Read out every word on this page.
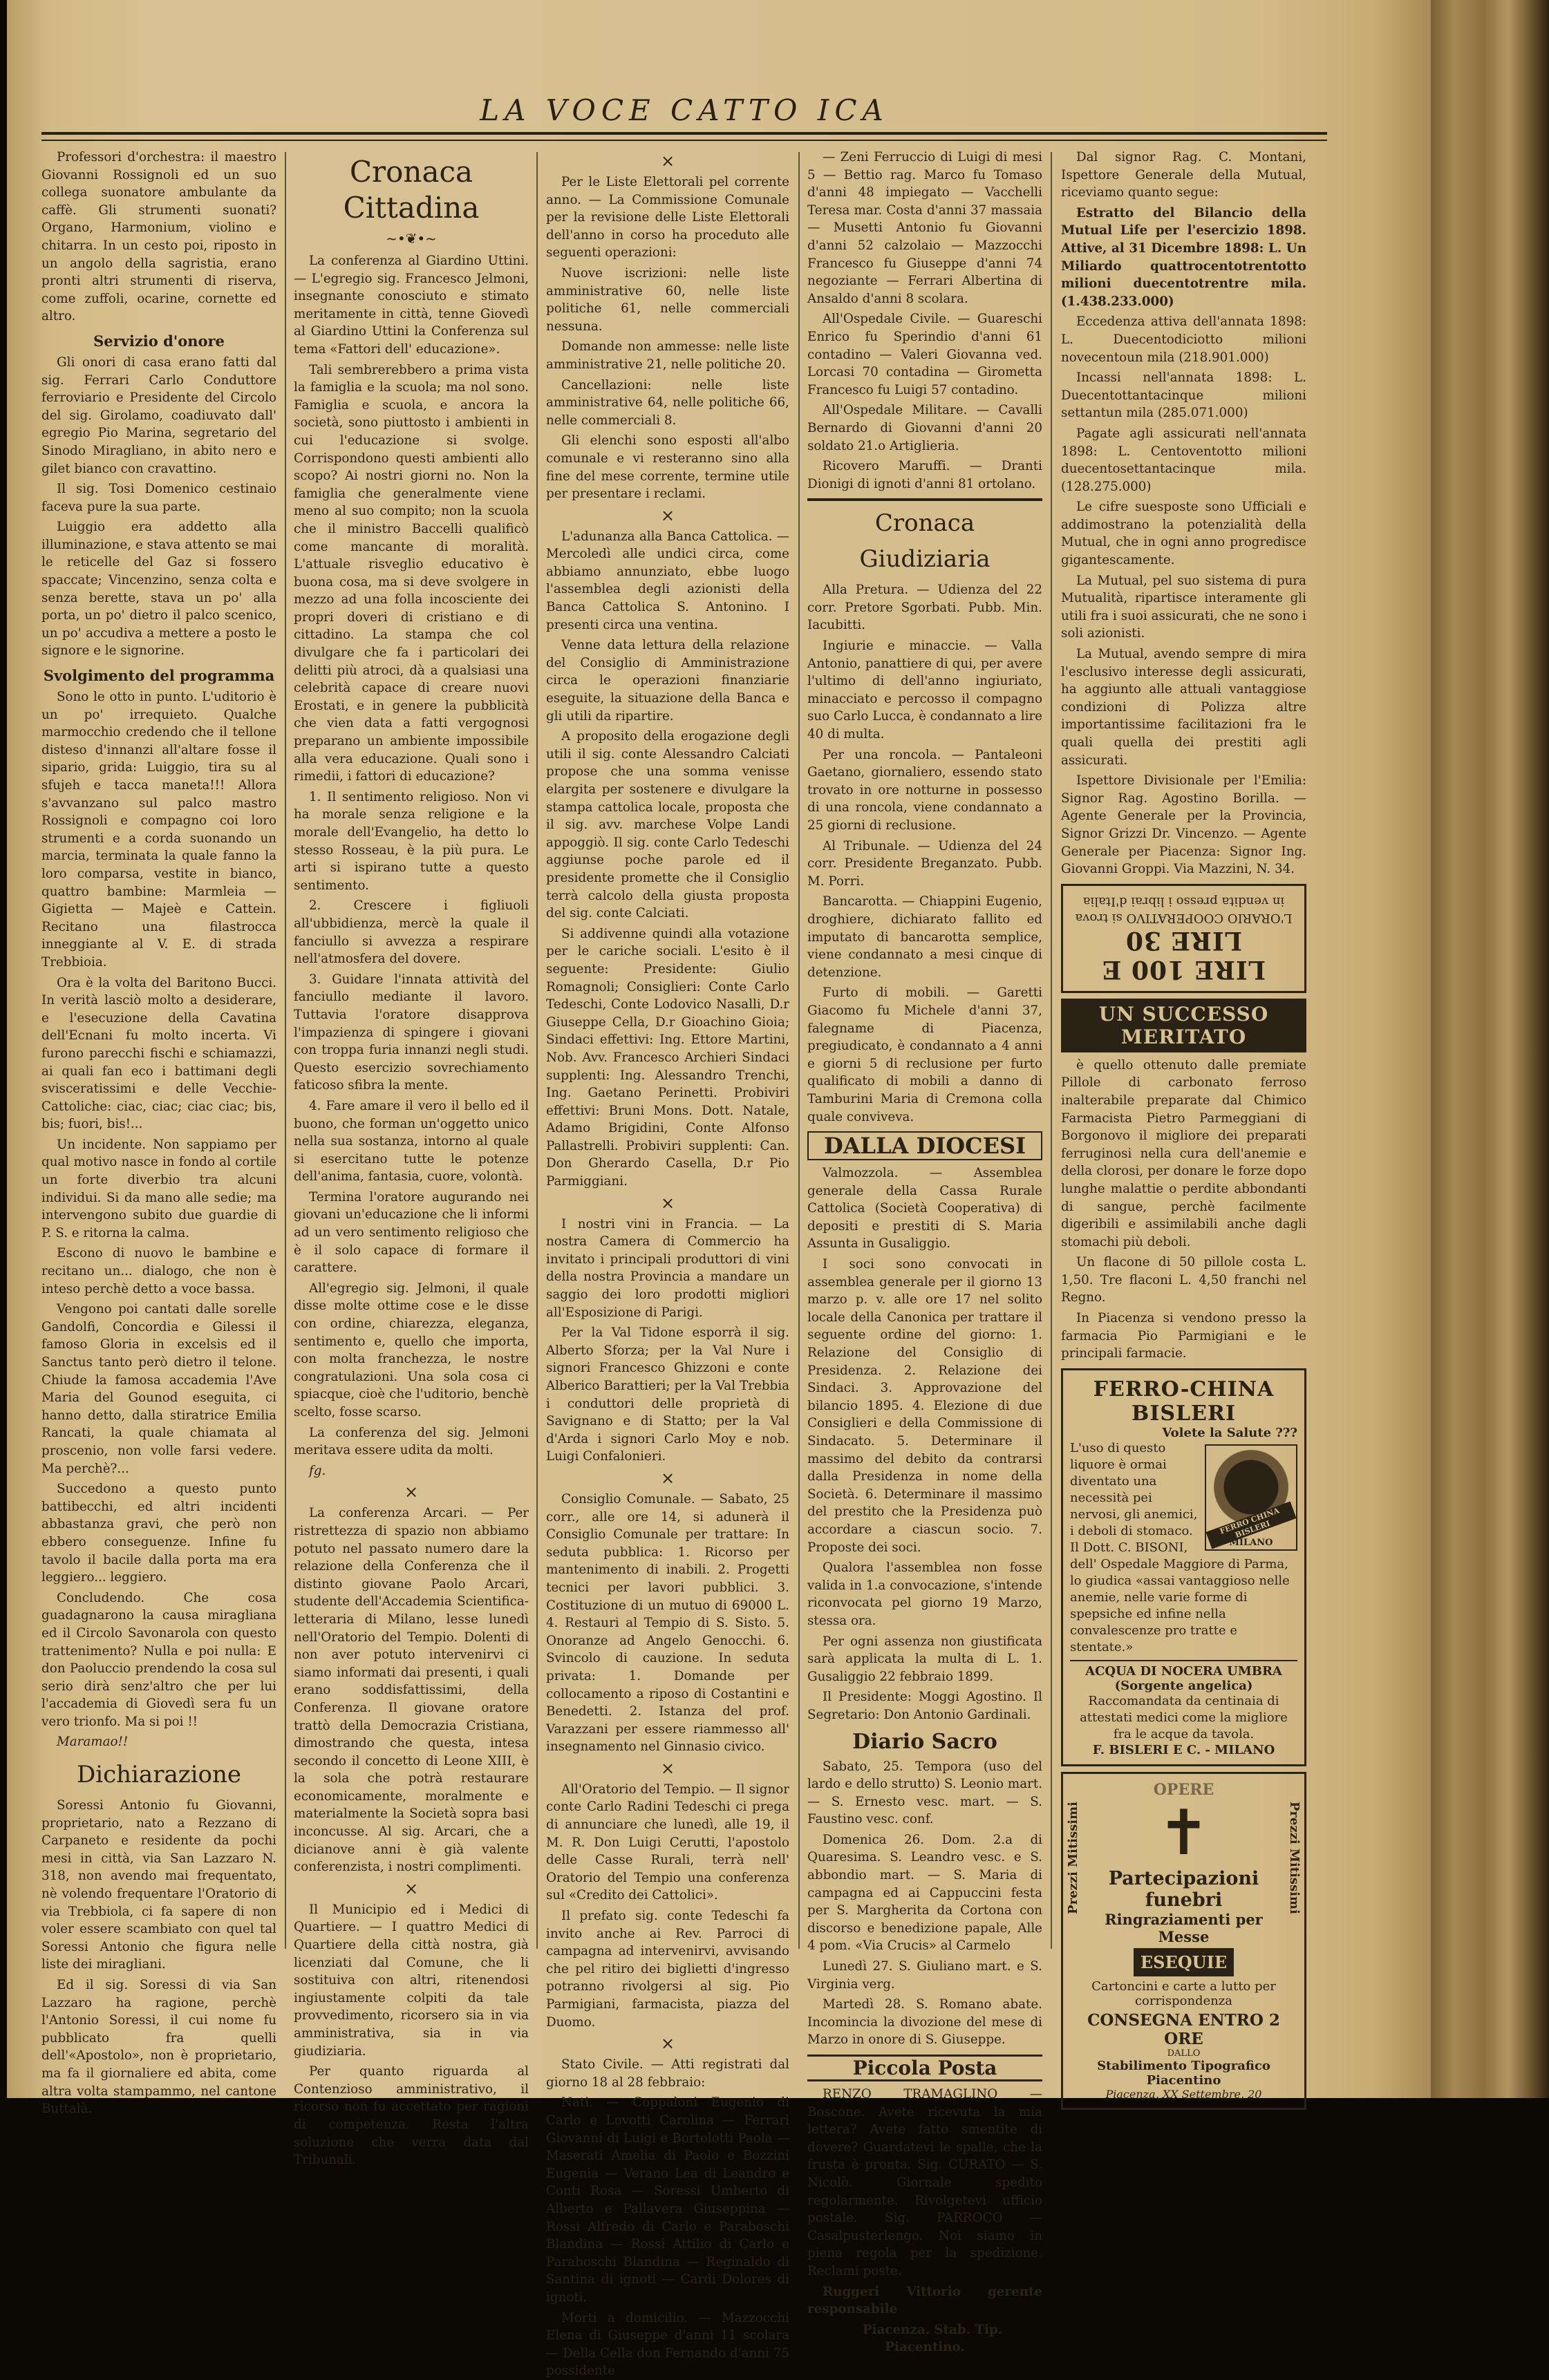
LA VOCE CATTO ICA

Professori d'orchestra: il maestro Giovanni Rossignoli ed un suo collega suonatore ambulante da caffè. Gli strumenti suonati? Organo, Harmonium, violino e chitarra. In un cesto poi, riposto in un angolo della sagristia, erano pronti altri strumenti di riserva, come zuffoli, ocarine, cornette ed altro.

Servizio d'onore

Gli onori di casa erano fatti dal sig. Ferrari Carlo Conduttore ferroviario e Presidente del Circolo del sig. Girolamo, coadiuvato dall' egregio Pio Marina, segretario del Sinodo Miragliano, in abito nero e gilet bianco con cravattino.

Il sig. Tosi Domenico cestinaio faceva pure la sua parte.

Luiggio era addetto alla illuminazione, e stava attento se mai le reticelle del Gaz si fossero spaccate; Vincenzino, senza colta e senza berette, stava un po' alla porta, un po' dietro il palco scenico, un po' accudiva a mettere a posto le signore e le signorine.

Svolgimento del programma

Sono le otto in punto. L'uditorio è un po' irrequieto. Qualche marmocchio credendo che il tellone disteso d'innanzi all'altare fosse il sipario, grida: Luiggio, tira su al sfujeh e tacca maneta!!! Allora s'avvanzano sul palco mastro Rossignoli e compagno coi loro strumenti e a corda suonando un marcia, terminata la quale fanno la loro comparsa, vestite in bianco, quattro bambine: Marmleia — Gigietta — Majeè e Cattein. Recitano una filastrocca inneggiante al V. E. di strada Trebbioia.

Ora è la volta del Baritono Bucci. In verità lasciò molto a desiderare, e l'esecuzione della Cavatina dell'Ecnani fu molto incerta. Vi furono parecchi fischi e schiamazzi, ai quali fan eco i battimani degli svisceratissimi e delle Vecchie-Cattoliche: ciac, ciac; ciac ciac; bis, bis; fuori, bis!...

Un incidente. Non sappiamo per qual motivo nasce in fondo al cortile un forte diverbio tra alcuni individui. Si da mano alle sedie; ma intervengono subito due guardie di P. S. e ritorna la calma.

Escono di nuovo le bambine e recitano un... dialogo, che non è inteso perchè detto a voce bassa.

Vengono poi cantati dalle sorelle Gandolfi, Concordia e Gilessi il famoso Gloria in excelsis ed il Sanctus tanto però dietro il telone. Chiude la famosa accademia l'Ave Maria del Gounod eseguita, ci hanno detto, dalla stiratrice Emilia Rancati, la quale chiamata al proscenio, non volle farsi vedere. Ma perchè?...

Succedono a questo punto battibecchi, ed altri incidenti abbastanza gravi, che però non ebbero conseguenze. Infine fu tavolo il bacile dalla porta ma era leggiero... leggiero.

Concludendo. Che cosa guadagnarono la causa miragliana ed il Circolo Savonarola con questo trattenimento? Nulla e poi nulla: E don Paoluccio prendendo la cosa sul serio dirà senz'altro che per lui l'accademia di Giovedì sera fu un vero trionfo. Ma si poi !!

Maramao!!

Dichiarazione

Soressi Antonio fu Giovanni, proprietario, nato a Rezzano di Carpaneto e residente da pochi mesi in città, via San Lazzaro N. 318, non avendo mai frequentato, nè volendo frequentare l'Oratorio di via Trebbiola, ci fa sapere di non voler essere scambiato con quel tal Soressi Antonio che figura nelle liste dei miragliani.

Ed il sig. Soressi di via San Lazzaro ha ragione, perchè l'Antonio Soressi, il cui nome fu pubblicato fra quelli dell'«Apostolo», non è proprietario, ma fa il giornaliere ed abita, come altra volta stampammo, nel cantone Buttalà.

Cronaca Cittadina
~•❦•~

La conferenza al Giardino Uttini. — L'egregio sig. Francesco Jelmoni, insegnante conosciuto e stimato meritamente in città, tenne Giovedì al Giardino Uttini la Conferenza sul tema «Fattori dell' educazione».

Tali sembrerebbero a prima vista la famiglia e la scuola; ma nol sono. Famiglia e scuola, e ancora la società, sono piuttosto i ambienti in cui l'educazione si svolge. Corrispondono questi ambienti allo scopo? Ai nostri giorni no. Non la famiglia che generalmente viene meno al suo compito; non la scuola che il ministro Baccelli qualificò come mancante di moralità. L'attuale risveglio educativo è buona cosa, ma si deve svolgere in mezzo ad una folla incosciente dei propri doveri di cristiano e di cittadino. La stampa che col divulgare che fa i particolari dei delitti più atroci, dà a qualsiasi una celebrità capace di creare nuovi Erostati, e in genere la pubblicità che vien data a fatti vergognosi preparano un ambiente impossibile alla vera educazione. Quali sono i rimedii, i fattori di educazione?

1. Il sentimento religioso. Non vi ha morale senza religione e la morale dell'Evangelio, ha detto lo stesso Rosseau, è la più pura. Le arti si ispirano tutte a questo sentimento.

2. Crescere i figliuoli all'ubbidienza, mercè la quale il fanciullo si avvezza a respirare nell'atmosfera del dovere.

3. Guidare l'innata attività del fanciullo mediante il lavoro. Tuttavia l'oratore disapprova l'impazienza di spingere i giovani con troppa furia innanzi negli studi. Questo esercizio sovrechiamento faticoso sfibra la mente.

4. Fare amare il vero il bello ed il buono, che forman un'oggetto unico nella sua sostanza, intorno al quale si esercitano tutte le potenze dell'anima, fantasia, cuore, volontà.

Termina l'oratore augurando nei giovani un'educazione che li informi ad un vero sentimento religioso che è il solo capace di formare il carattere.

All'egregio sig. Jelmoni, il quale disse molte ottime cose e le disse con ordine, chiarezza, eleganza, sentimento e, quello che importa, con molta franchezza, le nostre congratulazioni. Una sola cosa ci spiacque, cioè che l'uditorio, benchè scelto, fosse scarso.

La conferenza del sig. Jelmoni meritava essere udita da molti.

fg.

×

La conferenza Arcari. — Per ristrettezza di spazio non abbiamo potuto nel passato numero dare la relazione della Conferenza che il distinto giovane Paolo Arcari, studente dell'Accademia Scientifica-letteraria di Milano, lesse lunedì nell'Oratorio del Tempio. Dolenti di non aver potuto intervenirvi ci siamo informati dai presenti, i quali erano soddisfattissimi, della Conferenza. Il giovane oratore trattò della Democrazia Cristiana, dimostrando che questa, intesa secondo il concetto di Leone XIII, è la sola che potrà restaurare economicamente, moralmente e materialmente la Società sopra basi inconcusse. Al sig. Arcari, che a dicianove anni è già valente conferenzista, i nostri complimenti.

×

Il Municipio ed i Medici di Quartiere. — I quattro Medici di Quartiere della città nostra, già licenziati dal Comune, che li sostituiva con altri, ritenendosi ingiustamente colpiti da tale provvedimento, ricorsero sia in via amministrativa, sia in via giudiziaria.

Per quanto riguarda al Contenzioso amministrativo, il ricorso non fu accettato per ragioni di competenza. Resta l'altra soluzione che verra data dal Tribunali.

×

Per le Liste Elettorali pel corrente anno. — La Commissione Comunale per la revisione delle Liste Elettorali dell'anno in corso ha proceduto alle seguenti operazioni:

Nuove iscrizioni: nelle liste amministrative 60, nelle liste politiche 61, nelle commerciali nessuna.

Domande non ammesse: nelle liste amministrative 21, nelle politiche 20.

Cancellazioni: nelle liste amministrative 64, nelle politiche 66, nelle commerciali 8.

Gli elenchi sono esposti all'albo comunale e vi resteranno sino alla fine del mese corrente, termine utile per presentare i reclami.

×

L'adunanza alla Banca Cattolica. — Mercoledì alle undici circa, come abbiamo annunziato, ebbe luogo l'assemblea degli azionisti della Banca Cattolica S. Antonino. I presenti circa una ventina.

Venne data lettura della relazione del Consiglio di Amministrazione circa le operazioni finanziarie eseguite, la situazione della Banca e gli utili da ripartire.

A proposito della erogazione degli utili il sig. conte Alessandro Calciati propose che una somma venisse elargita per sostenere e divulgare la stampa cattolica locale, proposta che il sig. avv. marchese Volpe Landi appoggiò. Il sig. conte Carlo Tedeschi aggiunse poche parole ed il presidente promette che il Consiglio terrà calcolo della giusta proposta del sig. conte Calciati.

Si addivenne quindi alla votazione per le cariche sociali. L'esito è il seguente: Presidente: Giulio Romagnoli; Consiglieri: Conte Carlo Tedeschi, Conte Lodovico Nasalli, D.r Giuseppe Cella, D.r Gioachino Gioia; Sindaci effettivi: Ing. Ettore Martini, Nob. Avv. Francesco Archieri Sindaci supplenti: Ing. Alessandro Trenchi, Ing. Gaetano Perinetti. Probiviri effettivi: Bruni Mons. Dott. Natale, Adamo Brigidini, Conte Alfonso Pallastrelli. Probiviri supplenti: Can. Don Gherardo Casella, D.r Pio Parmiggiani.

×

I nostri vini in Francia. — La nostra Camera di Commercio ha invitato i principali produttori di vini della nostra Provincia a mandare un saggio dei loro prodotti migliori all'Esposizione di Parigi.

Per la Val Tidone esporrà il sig. Alberto Sforza; per la Val Nure i signori Francesco Ghizzoni e conte Alberico Barattieri; per la Val Trebbia i conduttori delle proprietà di Savignano e di Statto; per la Val d'Arda i signori Carlo Moy e nob. Luigi Confalonieri.

×

Consiglio Comunale. — Sabato, 25 corr., alle ore 14, si adunerà il Consiglio Comunale per trattare: In seduta pubblica: 1. Ricorso per mantenimento di inabili. 2. Progetti tecnici per lavori pubblici. 3. Costituzione di un mutuo di 69000 L. 4. Restauri al Tempio di S. Sisto. 5. Onoranze ad Angelo Genocchi. 6. Svincolo di cauzione. In seduta privata: 1. Domande per collocamento a riposo di Costantini e Benedetti. 2. Istanza del prof. Varazzani per essere riammesso all' insegnamento nel Ginnasio civico.

×

All'Oratorio del Tempio. — Il signor conte Carlo Radini Tedeschi ci prega di annunciare che lunedì, alle 19, il M. R. Don Luigi Cerutti, l'apostolo delle Casse Rurali, terrà nell' Oratorio del Tempio una conferenza sul «Credito dei Cattolici».

Il prefato sig. conte Tedeschi fa invito anche ai Rev. Parroci di campagna ad intervenirvi, avvisando che pel ritiro dei biglietti d'ingresso potranno rivolgersi al sig. Pio Parmigiani, farmacista, piazza del Duomo.

×

Stato Civile. — Atti registrati dal giorno 18 al 28 febbraio:

Nati. — Coppaloni Eugenio di Carlo e Lovotti Carolina — Ferrari Giovanni di Luigi e Bortolotti Paola — Maserati Amelia di Paolo e Bozzini Eugenia — Verano Lea di Leandro e Conti Rosa — Soressi Umberto di Alberto e Pallavera Giuseppina — Rossi Alfredo di Carlo e Paraboschi Blandina — Rossi Attilio di Carlo e Paraboschi Blandina — Reginaldo di Santina di ignoti — Cardi Dolores di ignoti.

Morti a domicilio. — Mazzocchi Elena di Giuseppe d'anni 11 scolara — Della Cella don Fernando d'anni 75 possidente

— Zeni Ferruccio di Luigi di mesi 5 — Bettio rag. Marco fu Tomaso d'anni 48 impiegato — Vacchelli Teresa mar. Costa d'anni 37 massaia — Musetti Antonio fu Giovanni d'anni 52 calzolaio — Mazzocchi Francesco fu Giuseppe d'anni 74 negoziante — Ferrari Albertina di Ansaldo d'anni 8 scolara.

All'Ospedale Civile. — Guareschi Enrico fu Sperindio d'anni 61 contadino — Valeri Giovanna ved. Lorcasi 70 contadina — Girometta Francesco fu Luigi 57 contadino.

All'Ospedale Militare. — Cavalli Bernardo di Giovanni d'anni 20 soldato 21.o Artiglieria.

Ricovero Maruffi. — Dranti Dionigi di ignoti d'anni 81 ortolano.

Cronaca Giudiziaria

Alla Pretura. — Udienza del 22 corr. Pretore Sgorbati. Pubb. Min. Iacubitti.

Ingiurie e minaccie. — Valla Antonio, panattiere di qui, per avere l'ultimo di dell'anno ingiuriato, minacciato e percosso il compagno suo Carlo Lucca, è condannato a lire 40 di multa.

Per una roncola. — Pantaleoni Gaetano, giornaliero, essendo stato trovato in ore notturne in possesso di una roncola, viene condannato a 25 giorni di reclusione.

Al Tribunale. — Udienza del 24 corr. Presidente Breganzato. Pubb. M. Porri.

Bancarotta. — Chiappini Eugenio, droghiere, dichiarato fallito ed imputato di bancarotta semplice, viene condannato a mesi cinque di detenzione.

Furto di mobili. — Garetti Giacomo fu Michele d'anni 37, falegname di Piacenza, pregiudicato, è condannato a 4 anni e giorni 5 di reclusione per furto qualificato di mobili a danno di Tamburini Maria di Cremona colla quale conviveva.

DALLA DIOCESI

Valmozzola. — Assemblea generale della Cassa Rurale Cattolica (Società Cooperativa) di depositi e prestiti di S. Maria Assunta in Gusaliggio.

I soci sono convocati in assemblea generale per il giorno 13 marzo p. v. alle ore 17 nel solito locale della Canonica per trattare il seguente ordine del giorno: 1. Relazione del Consiglio di Presidenza. 2. Relazione dei Sindaci. 3. Approvazione del bilancio 1895. 4. Elezione di due Consiglieri e della Commissione di Sindacato. 5. Determinare il massimo del debito da contrarsi dalla Presidenza in nome della Società. 6. Determinare il massimo del prestito che la Presidenza può accordare a ciascun socio. 7. Proposte dei soci.

Qualora l'assemblea non fosse valida in 1.a convocazione, s'intende riconvocata pel giorno 19 Marzo, stessa ora.

Per ogni assenza non giustificata sarà applicata la multa di L. 1. Gusaliggio 22 febbraio 1899.

Il Presidente: Moggi Agostino. Il Segretario: Don Antonio Gardinali.

Diario Sacro

Sabato, 25. Tempora (uso del lardo e dello strutto) S. Leonio mart. — S. Ernesto vesc. mart. — S. Faustino vesc. conf.

Domenica 26. Dom. 2.a di Quaresima. S. Leandro vesc. e S. abbondio mart. — S. Maria di campagna ed ai Cappuccini festa per S. Margherita da Cortona con discorso e benedizione papale, Alle 4 pom. «Via Crucis» al Carmelo

Lunedì 27. S. Giuliano mart. e S. Virginia verg.

Martedì 28. S. Romano abate. Incomincia la divozione del mese di Marzo in onore di S. Giuseppe.

Piccola Posta

RENZO TRAMAGLINO — Boscone. Avete ricevuta la mia lettera? Avete fatto smentite di dovere? Guardatevi le spalle, che la frusta è pronta. Sig. CURATO — S. Nicolò. Giornale spedito regolarmente. Rivolgetevi ufficio postale. Sig. PARROCO — Casalpusterlengo. Noi siamo in piena regola per la spedizione. Reclami poste.

Ruggeri Vittorio gerente responsabile

Piacenza. Stab. Tip. Piacentino.

Dal signor Rag. C. Montani, Ispettore Generale della Mutual, riceviamo quanto segue:

Estratto del Bilancio della Mutual Life per l'esercizio 1898. Attive, al 31 Dicembre 1898: L. Un Miliardo quattrocentotrentotto milioni duecentotrentre mila. (1.438.233.000)

Eccedenza attiva dell'annata 1898: L. Duecentodiciotto milioni novecentoun mila (218.901.000)

Incassi nell'annata 1898: L. Duecentottantacinque milioni settantun mila (285.071.000)

Pagate agli assicurati nell'annata 1898: L. Centoventotto milioni duecentosettantacinque mila. (128.275.000)

Le cifre suesposte sono Ufficiali e addimostrano la potenzialità della Mutual, che in ogni anno progredisce gigantescamente.

La Mutual, pel suo sistema di pura Mutualità, ripartisce interamente gli utili fra i suoi assicurati, che ne sono i soli azionisti.

La Mutual, avendo sempre di mira l'esclusivo interesse degli assicurati, ha aggiunto alle attuali vantaggiose condizioni di Polizza altre importantissime facilitazioni fra le quali quella dei prestiti agli assicurati.

Ispettore Divisionale per l'Emilia: Signor Rag. Agostino Borilla. — Agente Generale per la Provincia, Signor Grizzi Dr. Vincenzo. — Agente Generale per Piacenza: Signor Ing. Giovanni Groppi. Via Mazzini, N. 34.

LIRE 100 E LIRE 30
L'ORARIO COOPERATIVO si trova in vendita presso i librai d'Italia
UN SUCCESSO MERITATO

è quello ottenuto dalle premiate Pillole di carbonato ferroso inalterabile preparate dal Chimico Farmacista Pietro Parmeggiani di Borgonovo il migliore dei preparati ferruginosi nella cura dell'anemie e della clorosi, per donare le forze dopo lunghe malattie o perdite abbondanti di sangue, perchè facilmente digeribili e assimilabili anche dagli stomachi più deboli.

Un flacone di 50 pillole costa L. 1,50. Tre flaconi L. 4,50 franchi nel Regno.

In Piacenza si vendono presso la farmacia Pio Parmigiani e le principali farmacie.

FERRO-CHINA BISLERI
Volete la Salute ???
FERRO CHINA BISLERI
MILANO
L'uso di questo liquore è ormai diventato una necessità pei nervosi, gli anemici, i deboli di stomaco. Il Dott. C. BISONI, dell' Ospedale Maggiore di Parma, lo giudica «assai vantaggioso nelle anemie, nelle varie forme di spepsiche ed infine nella convalescenze pro tratte e stentate.»
ACQUA DI NOCERA UMBRA (Sorgente angelica)
Raccomandata da centinaia di attestati medici come la migliore fra le acque da tavola.
F. BISLERI E C. - MILANO
Prezzi Mitissimi	Prezzi Mitissimi
OPERE
✝
Partecipazioni funebri
Ringraziamenti per Messe
ESEQUIE
Cartoncini e carte a lutto per corrispondenza
CONSEGNA ENTRO 2 ORE
DALLO
Stabilimento Tipografico Piacentino
Piacenza, XX Settembre, 20
